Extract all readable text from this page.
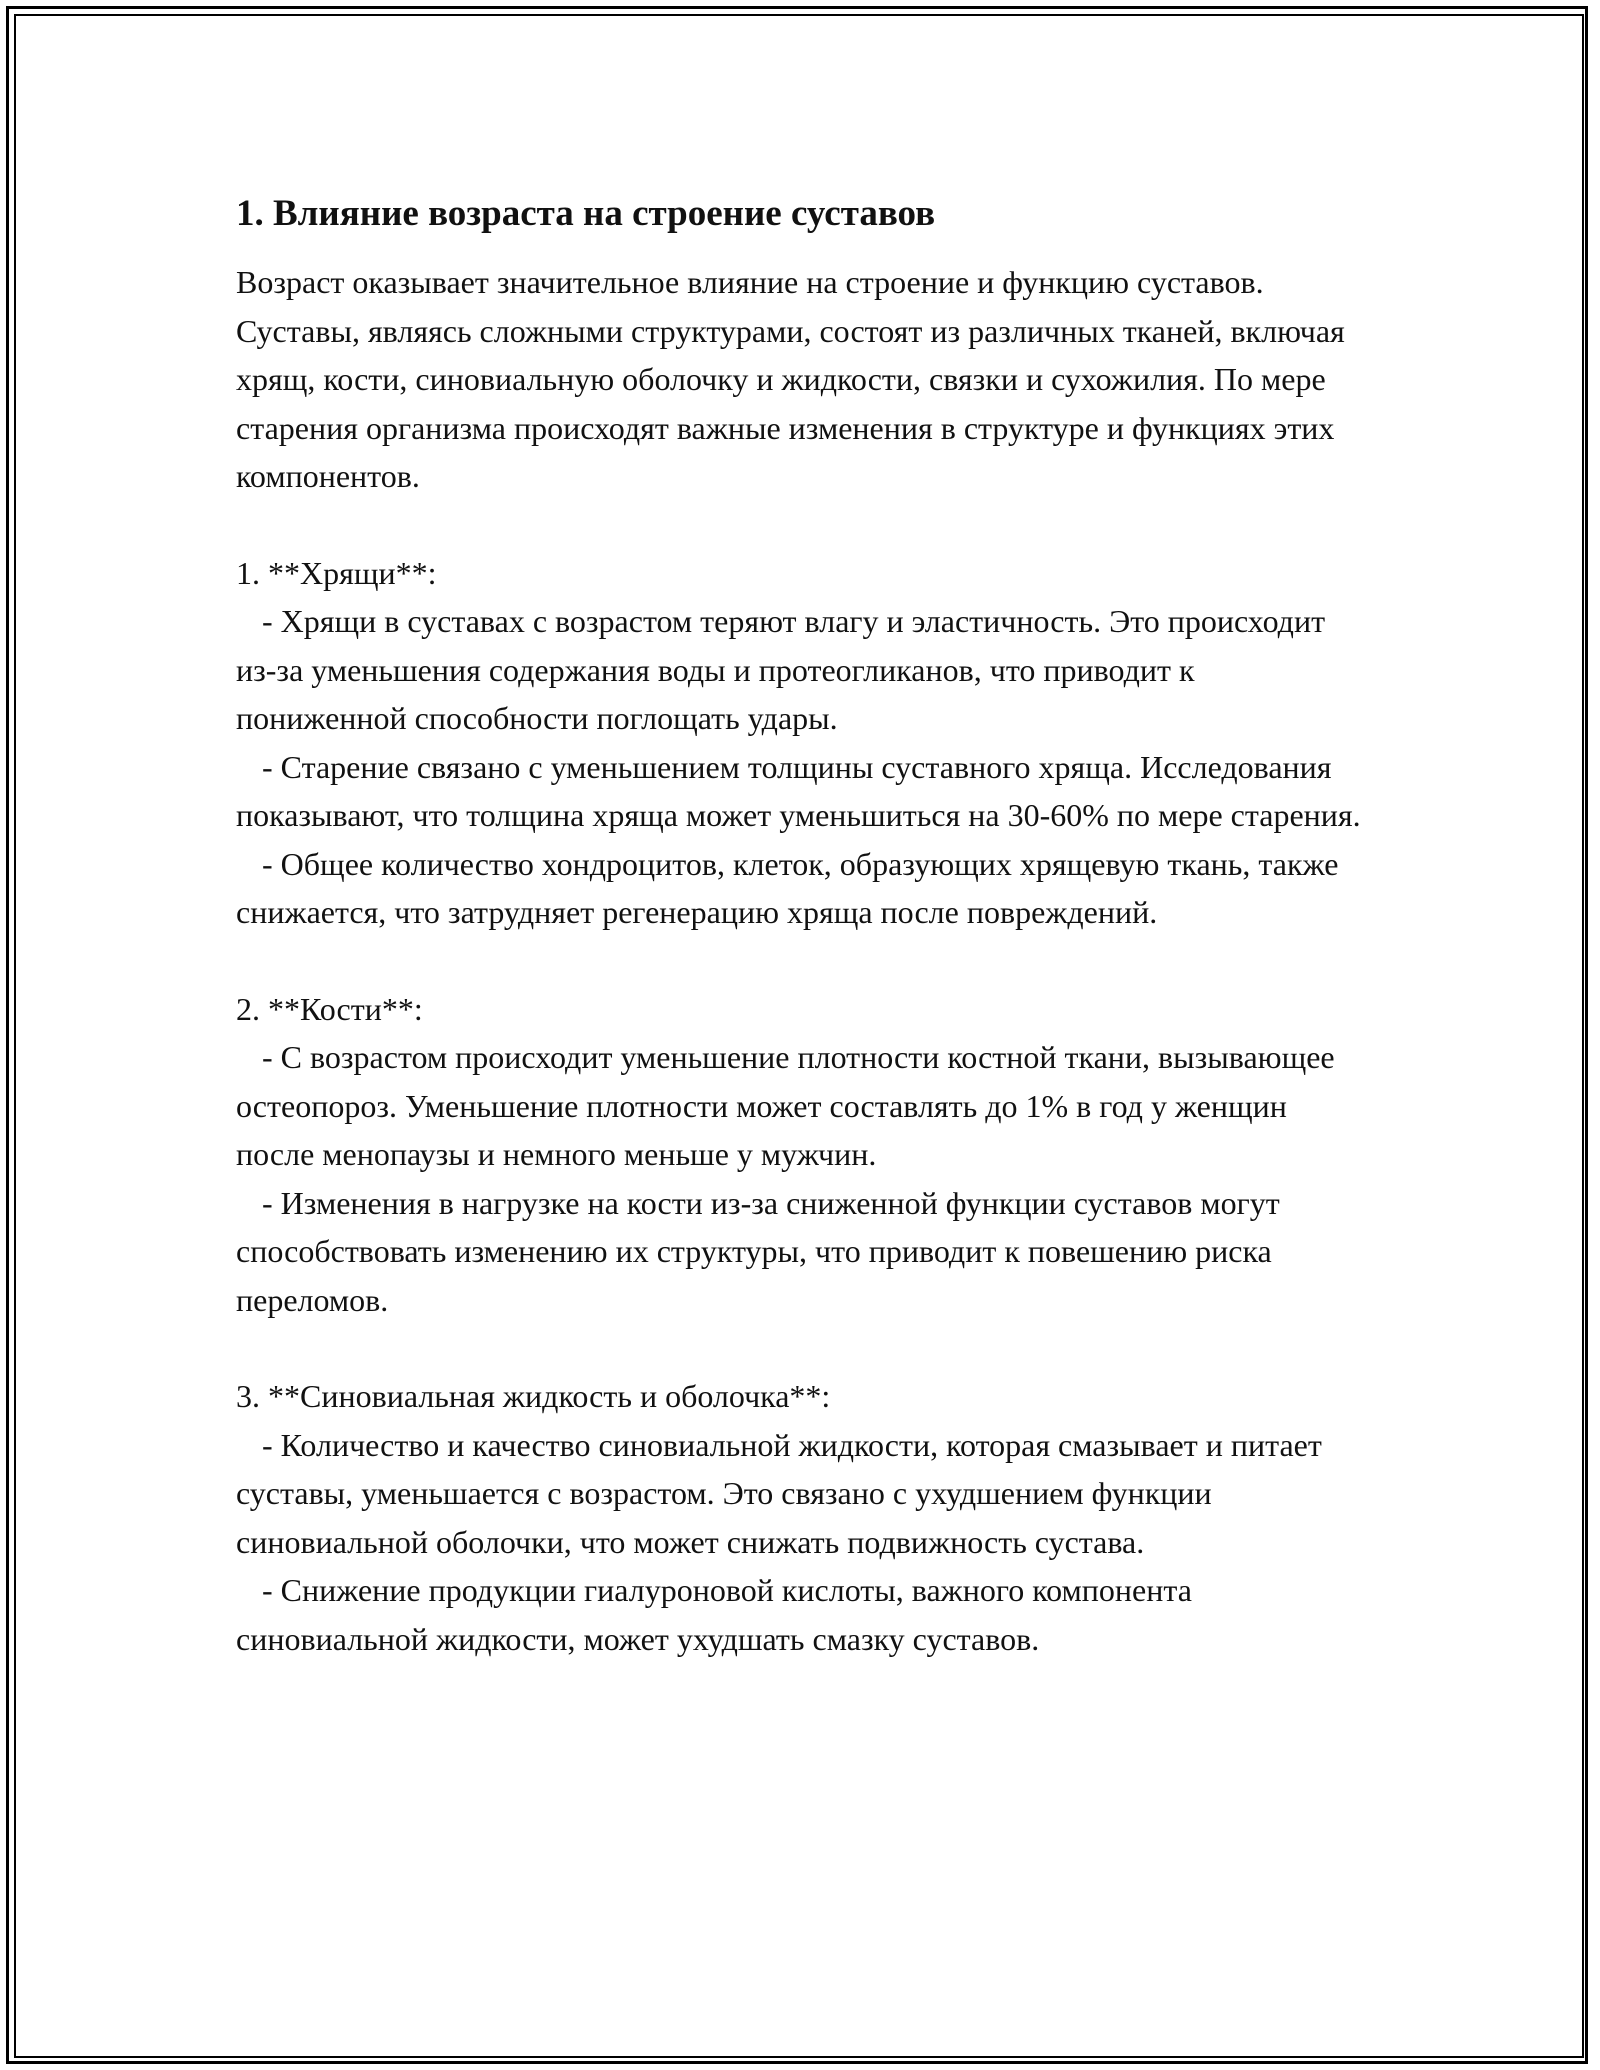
1. Влияние возраста на строение суставов

Возраст оказывает значительное влияние на строение и функцию суставов. Суставы, являясь сложными структурами, состоят из различных тканей, включая хрящ, кости, синовиальную оболочку и жидкости, связки и сухожилия. По мере старения организма происходят важные изменения в структуре и функциях этих компонентов.

1. **Хрящи**:

- Хрящи в суставах с возрастом теряют влагу и эластичность. Это происходит из-за уменьшения содержания воды и протеогликанов, что приводит к пониженной способности поглощать удары.

- Старение связано с уменьшением толщины суставного хряща. Исследования показывают, что толщина хряща может уменьшиться на 30-60% по мере старения.

- Общее количество хондроцитов, клеток, образующих хрящевую ткань, также снижается, что затрудняет регенерацию хряща после повреждений.

2. **Кости**:

- С возрастом происходит уменьшение плотности костной ткани, вызывающее остеопороз. Уменьшение плотности может составлять до 1% в год у женщин после менопаузы и немного меньше у мужчин.

- Изменения в нагрузке на кости из-за сниженной функции суставов могут способствовать изменению их структуры, что приводит к повешению риска переломов.

3. **Синовиальная жидкость и оболочка**:

- Количество и качество синовиальной жидкости, которая смазывает и питает суставы, уменьшается с возрастом. Это связано с ухудшением функции синовиальной оболочки, что может снижать подвижность сустава.

- Снижение продукции гиалуроновой кислоты, важного компонента синовиальной жидкости, может ухудшать смазку суставов.
